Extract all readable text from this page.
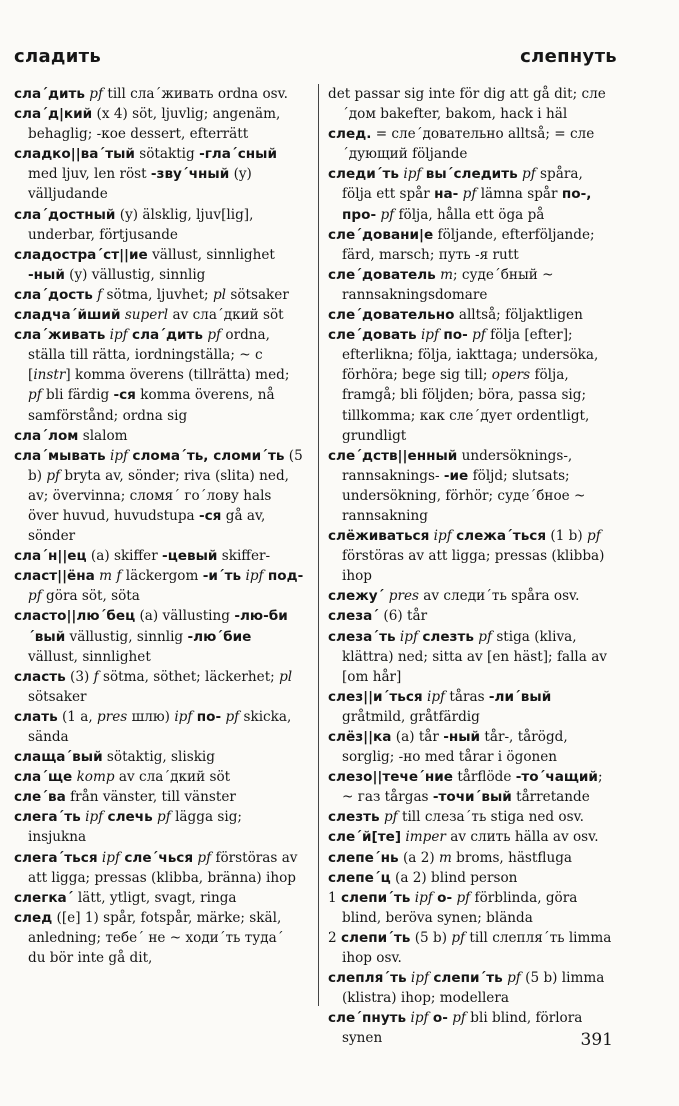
сладить	слепнуть
сла´дить pf till сла´живать ordna osv.
сла´д|кий (x 4) söt, ljuvlig; angenäm, behaglig; -кое dessert, efterrätt
сладко||ва´тый sötaktig -гла´сный med ljuv, len röst -зву´чный (y) välljudande
сла´достный (y) älsklig, ljuv[lig], underbar, förtjusande
сладостра´ст||ие vällust, sinnlighet -ный (y) vällustig, sinnlig
сла´дость f sötma, ljuvhet; pl sötsaker
сладча´йший superl av сла´дкий söt
сла´живать ipf сла´дить pf ordna, ställa till rätta, iordningställa; ~ с [instr] komma överens (tillrätta) med; pf bli färdig -ся komma överens, nå samförstånd; ordna sig
сла´лом slalom
сла´мывать ipf слома´ть, сломи´ть (5 b) pf bryta av, sönder; riva (slita) ned, av; övervinna; сломя´ го´лову hals över huvud, huvudstupa -ся gå av, sönder
сла´н||ец (a) skiffer -цевый skiffer-
сласт||ёна m f läckergom -и´ть ipf под- pf göra söt, söta
сласто||лю´бец (a) vällusting -лю-би´вый vällustig, sinnlig -лю´бие vällust, sinnlighet
сласть (3) f sötma, söthet; läckerhet; pl sötsaker
слать (1 a, pres шлю) ipf по- pf skicka, sända
слаща´вый sötaktig, sliskig
сла´ще komp av сла´дкий söt
сле´ва från vänster, till vänster
слега´ть ipf слечь pf lägga sig; insjukna
слега´ться ipf сле´чься pf förstöras av att ligga; pressas (klibba, bränna) ihop
слегка´ lätt, ytligt, svagt, ringa
след ([e] 1) spår, fotspår, märke; skäl, anledning; тебе´ не ~ ходи´ть туда´ du bör inte gå dit,
det passar sig inte för dig att gå dit; сле´дом bakefter, bakom, hack i häl
след. = сле´довательно alltså; = сле´дующий följande
следи´ть ipf вы´следить pf spåra, följa ett spår на- pf lämna spår по-, про- pf följa, hålla ett öga på
сле´довани|е följande, efterföljande; färd, marsch; путь -я rutt
сле´дователь m; суде´бный ~ rannsakningsdomare
сле´довательно alltså; följaktligen
сле´довать ipf по- pf följa [efter]; efterlikna; följa, iakttaga; undersöka, förhöra; bege sig till; opers följa, framgå; bli följden; böra, passa sig; tillkomma; как сле´дует ordentligt, grundligt
сле´дств||енный undersöknings-, rannsaknings- -ие följd; slutsats; undersökning, förhör; суде´бное ~ rannsakning
слёживаться ipf слежа´ться (1 b) pf förstöras av att ligga; pressas (klibba) ihop
слежу´ pres av следи´ть spåra osv.
слеза´ (6) tår
слеза´ть ipf слезть pf stiga (kliva, klättra) ned; sitta av [en häst]; falla av [om hår]
слез||и´ться ipf tåras -ли´вый gråtmild, gråtfärdig
слёз||ка (a) tår -ный tår-, tårögd, sorglig; -но med tårar i ögonen
слезо||тече´ние tårflöde -то´чащий; ~ газ tårgas -точи´вый tårretande
слезть pf till слеза´ть stiga ned osv.
сле´й[те] imper av слить hälla av osv.
слепе´нь (a 2) m broms, hästfluga
слепе´ц (a 2) blind person
1 слепи´ть ipf о- pf förblinda, göra blind, beröva synen; blända
2 слепи´ть (5 b) pf till слепля´ть limma ihop osv.
слепля´ть ipf слепи´ть pf (5 b) limma (klistra) ihop; modellera
сле´пнуть ipf о- pf bli blind, förlora synen	391
